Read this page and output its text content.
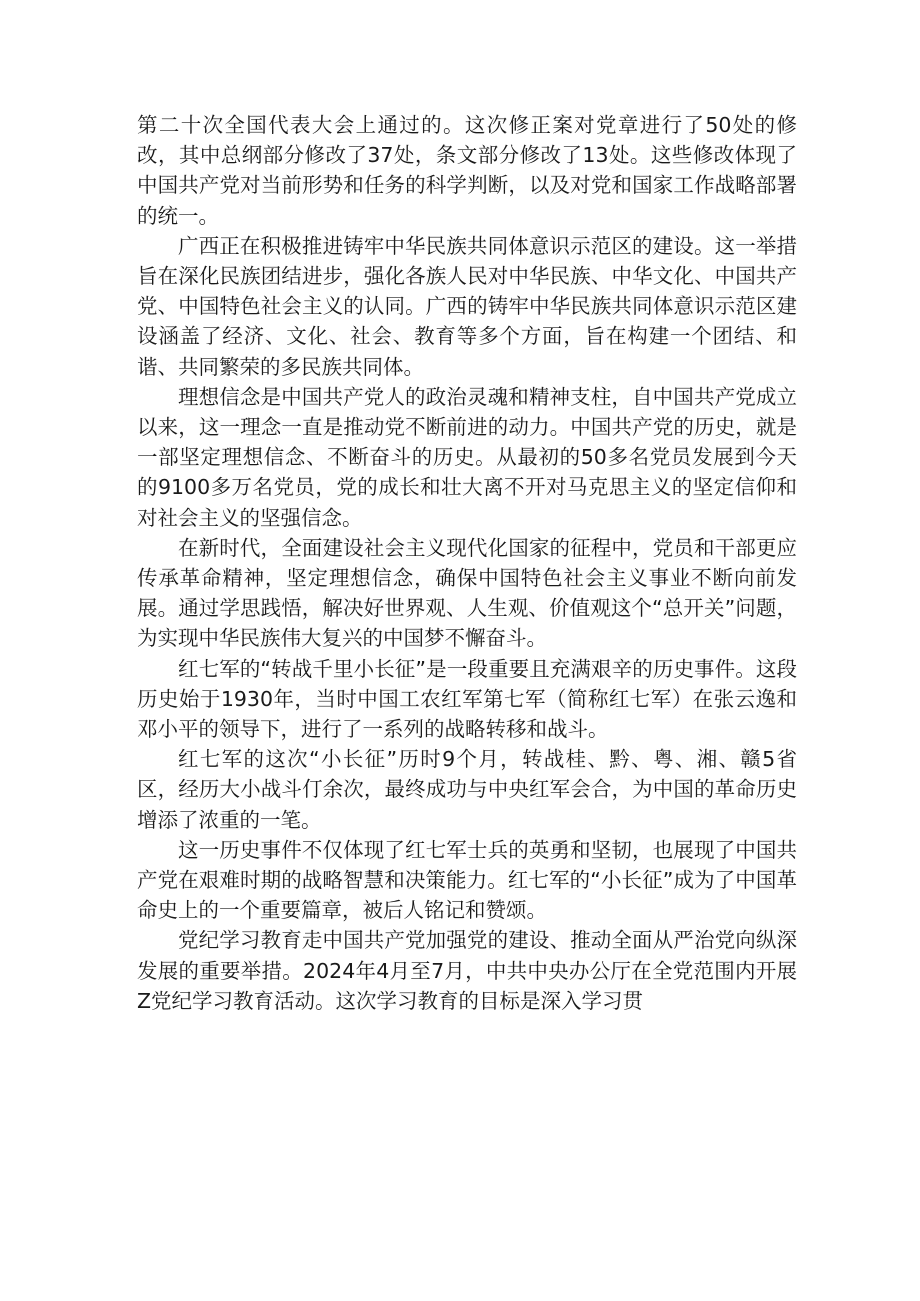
第二十次全国代表大会上通过的。这次修正案对党章进行了50处的修改，其中总纲部分修改了37处，条文部分修改了13处。这些修改体现了中国共产党对当前形势和任务的科学判断，以及对党和国家工作战略部署的统一。

广西正在积极推进铸牢中华民族共同体意识示范区的建设。这一举措旨在深化民族团结进步，强化各族人民对中华民族、中华文化、中国共产党、中国特色社会主义的认同。广西的铸牢中华民族共同体意识示范区建设涵盖了经济、文化、社会、教育等多个方面，旨在构建一个团结、和谐、共同繁荣的多民族共同体。

理想信念是中国共产党人的政治灵魂和精神支柱，自中国共产党成立以来，这一理念一直是推动党不断前进的动力。中国共产党的历史，就是一部坚定理想信念、不断奋斗的历史。从最初的50多名党员发展到今天的9100多万名党员，党的成长和壮大离不开对马克思主义的坚定信仰和对社会主义的坚强信念。

在新时代，全面建设社会主义现代化国家的征程中，党员和干部更应传承革命精神，坚定理想信念，确保中国特色社会主义事业不断向前发展。通过学思践悟，解决好世界观、人生观、价值观这个“总开关”问题，为实现中华民族伟大复兴的中国梦不懈奋斗。

红七军的“转战千里小长征”是一段重要且充满艰辛的历史事件。这段历史始于1930年，当时中国工农红军第七军（简称红七军）在张云逸和邓小平的领导下，进行了一系列的战略转移和战斗。

红七军的这次“小长征”历时9个月，转战桂、黔、粤、湘、赣5省区，经历大小战斗仃余次，最终成功与中央红军会合，为中国的革命历史增添了浓重的一笔。

这一历史事件不仅体现了红七军士兵的英勇和坚韧，也展现了中国共产党在艰难时期的战略智慧和决策能力。红七军的“小长征”成为了中国革命史上的一个重要篇章，被后人铭记和赞颂。

党纪学习教育走中国共产党加强党的建设、推动全面从严治党向纵深发展的重要举措。2024年4月至7月，中共中央办公厅在全党范围内开展Z党纪学习教育活动。这次学习教育的目标是深入学习贯
